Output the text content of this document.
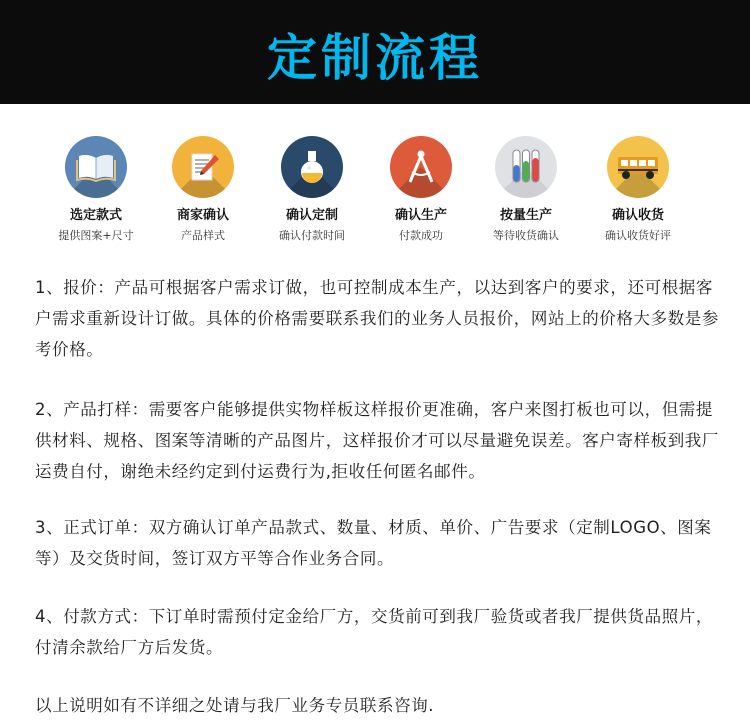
定制流程
选定款式
提供图案+尺寸
商家确认
产品样式
确认定制
确认付款时间
确认生产
付款成功
按量生产
等待收货确认
确认收货
确认收货好评

1、报价：产品可根据客户需求订做，也可控制成本生产，以达到客户的要求，还可根据客户需求重新设计订做。具体的价格需要联系我们的业务人员报价，网站上的价格大多数是参考价格。

2、产品打样：需要客户能够提供实物样板这样报价更准确，客户来图打板也可以，但需提供材料、规格、图案等清晰的产品图片，这样报价才可以尽量避免误差。客户寄样板到我厂运费自付，谢绝未经约定到付运费行为,拒收任何匿名邮件。

3、正式订单：双方确认订单产品款式、数量、材质、单价、广告要求（定制LOGO、图案等）及交货时间，签订双方平等合作业务合同。

4、付款方式：下订单时需预付定金给厂方，交货前可到我厂验货或者我厂提供货品照片，付清余款给厂方后发货。

以上说明如有不详细之处请与我厂业务专员联系咨询.
